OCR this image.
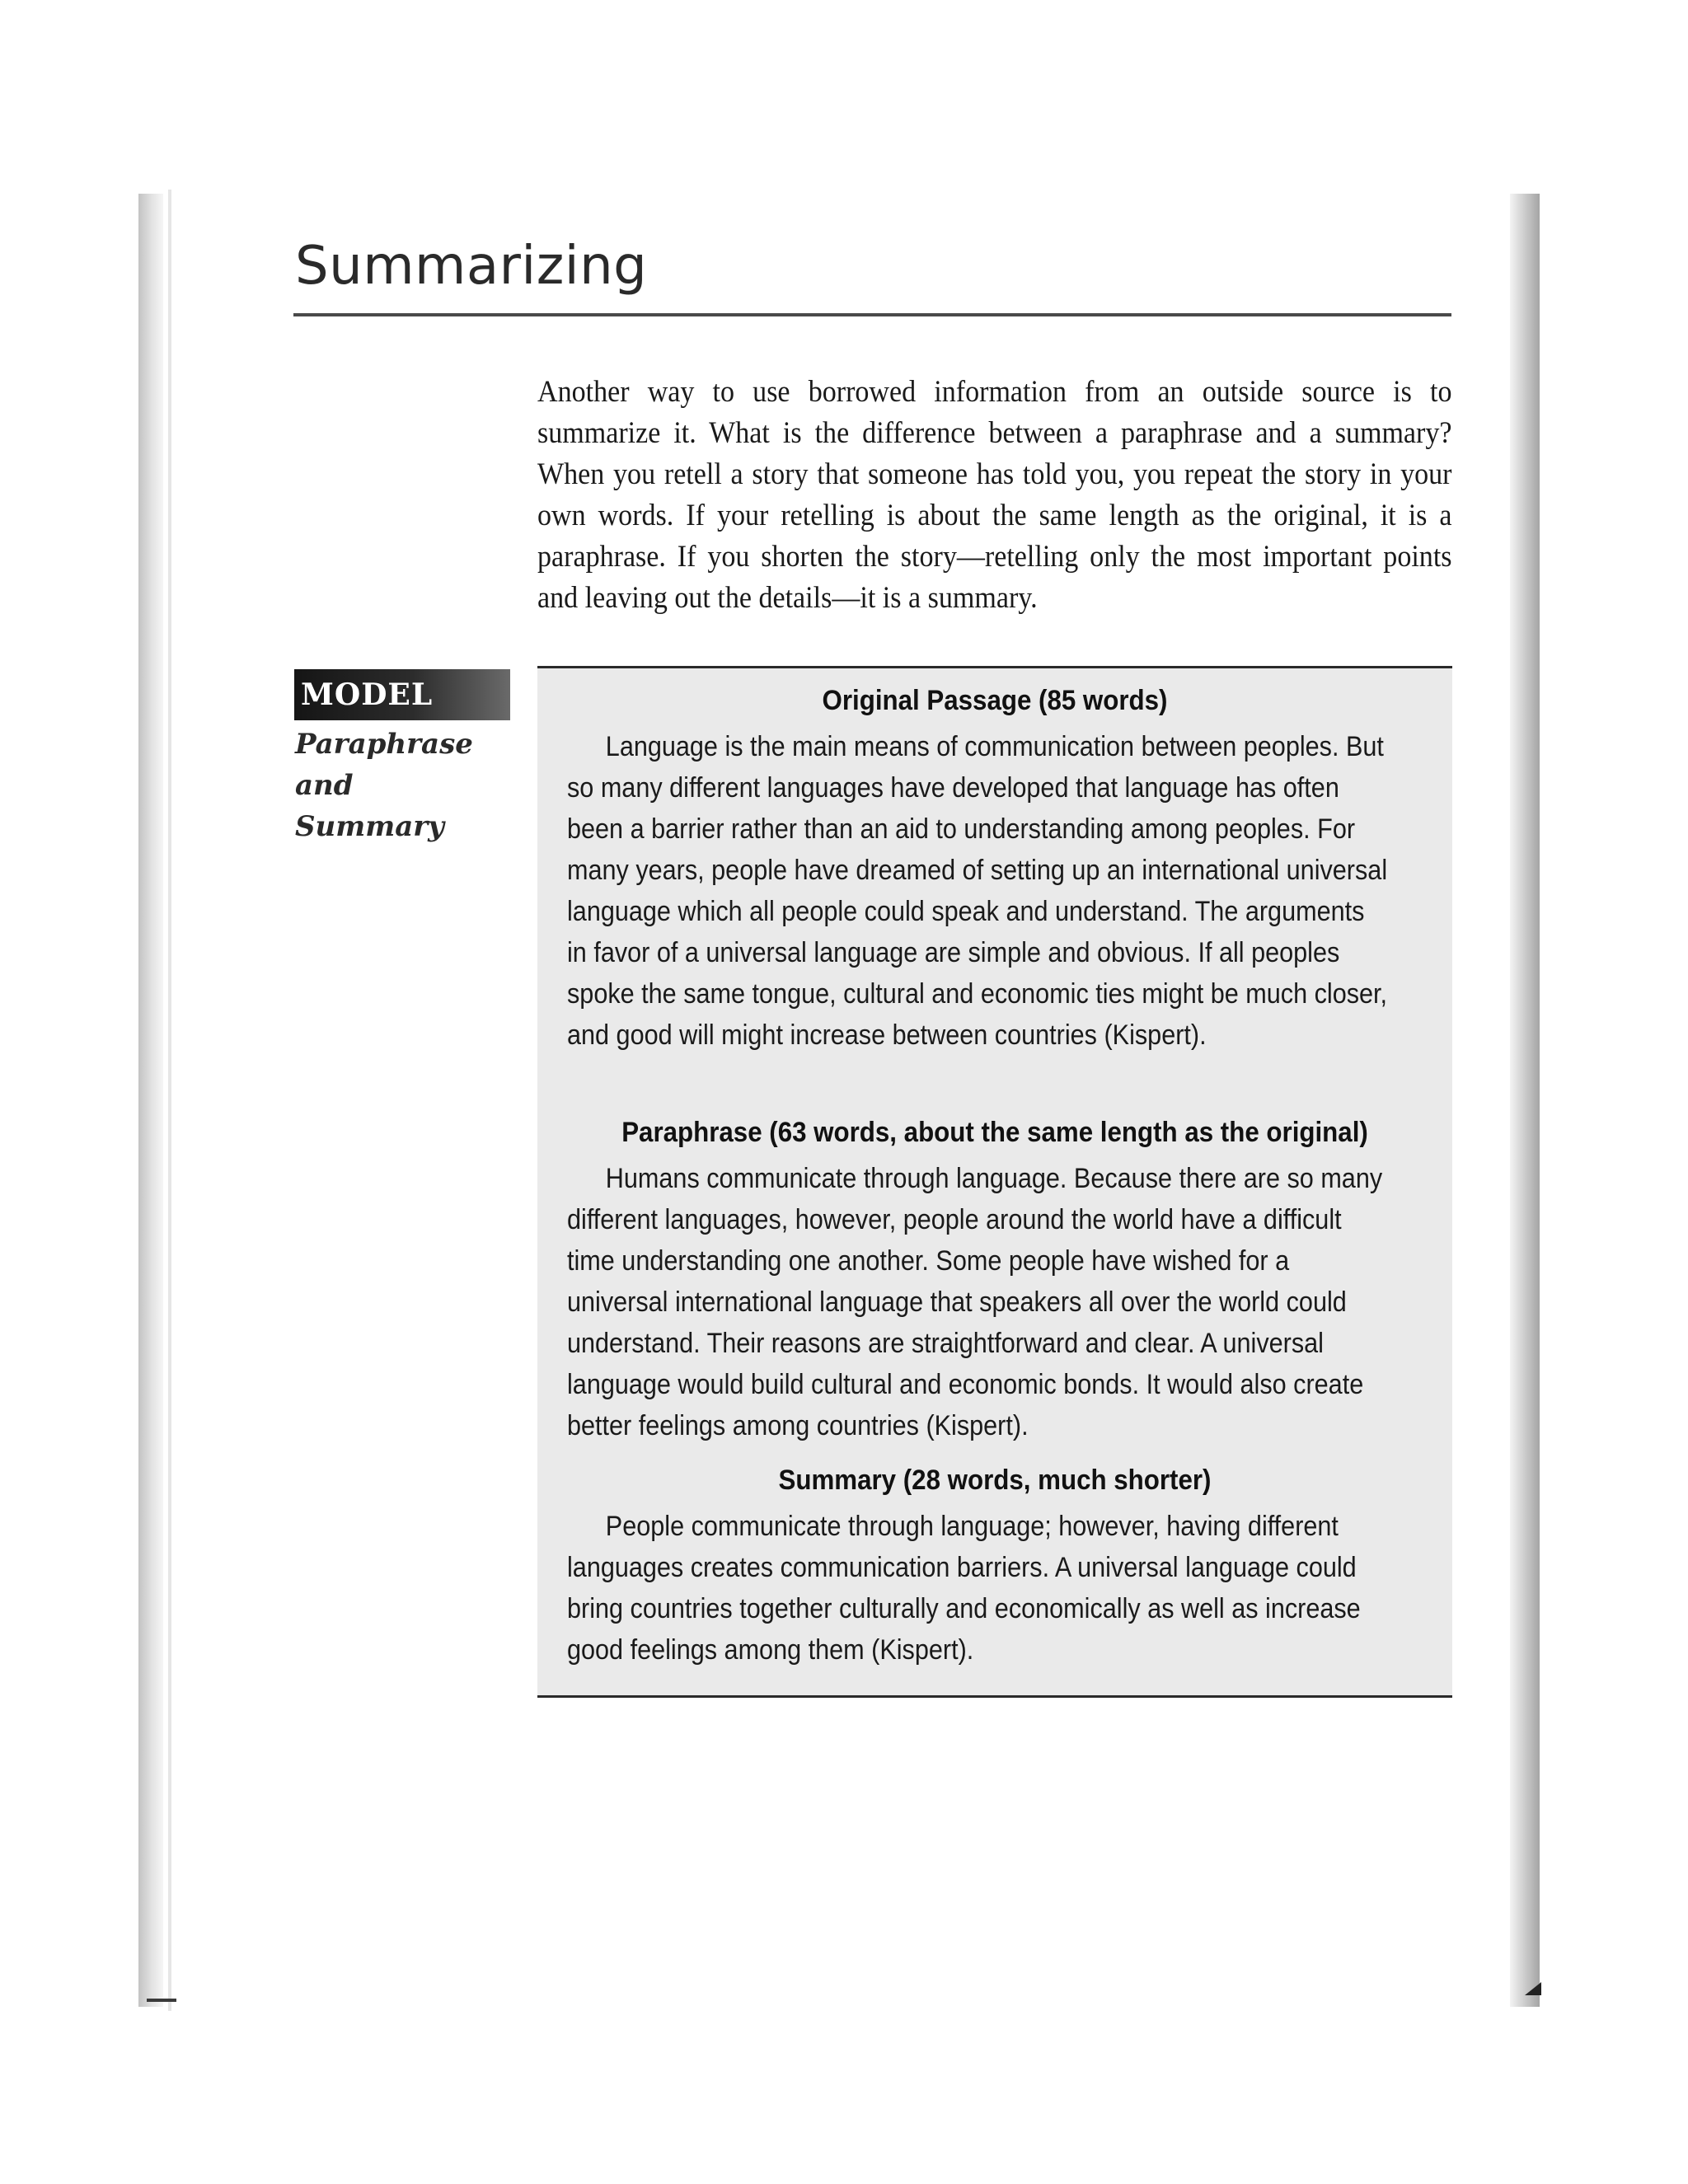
Summarizing

Another way to use borrowed information from an outside source is to summarize it. What is the difference between a paraphrase and a summary? When you retell a story that someone has told you, you repeat the story in your own words. If your retelling is about the same length as the original, it is a paraphrase. If you shorten the story—retelling only the most important points and leaving out the details—it is a summary.

MODEL

Paraphrase and Summary

Original Passage (85 words)

Language is the main means of communication between peoples. But so many different languages have developed that language has often been a barrier rather than an aid to understanding among peoples. For many years, people have dreamed of setting up an international universal language which all people could speak and understand. The arguments in favor of a universal language are simple and obvious. If all peoples spoke the same tongue, cultural and economic ties might be much closer, and good will might increase between countries (Kispert).

Paraphrase (63 words, about the same length as the original)

Humans communicate through language. Because there are so many different languages, however, people around the world have a difficult time understanding one another. Some people have wished for a universal international language that speakers all over the world could understand. Their reasons are straightforward and clear. A universal language would build cultural and economic bonds. It would also create better feelings among countries (Kispert).

Summary (28 words, much shorter)

People communicate through language; however, having different languages creates communication barriers. A universal language could bring countries together culturally and economically as well as increase good feelings among them (Kispert).
